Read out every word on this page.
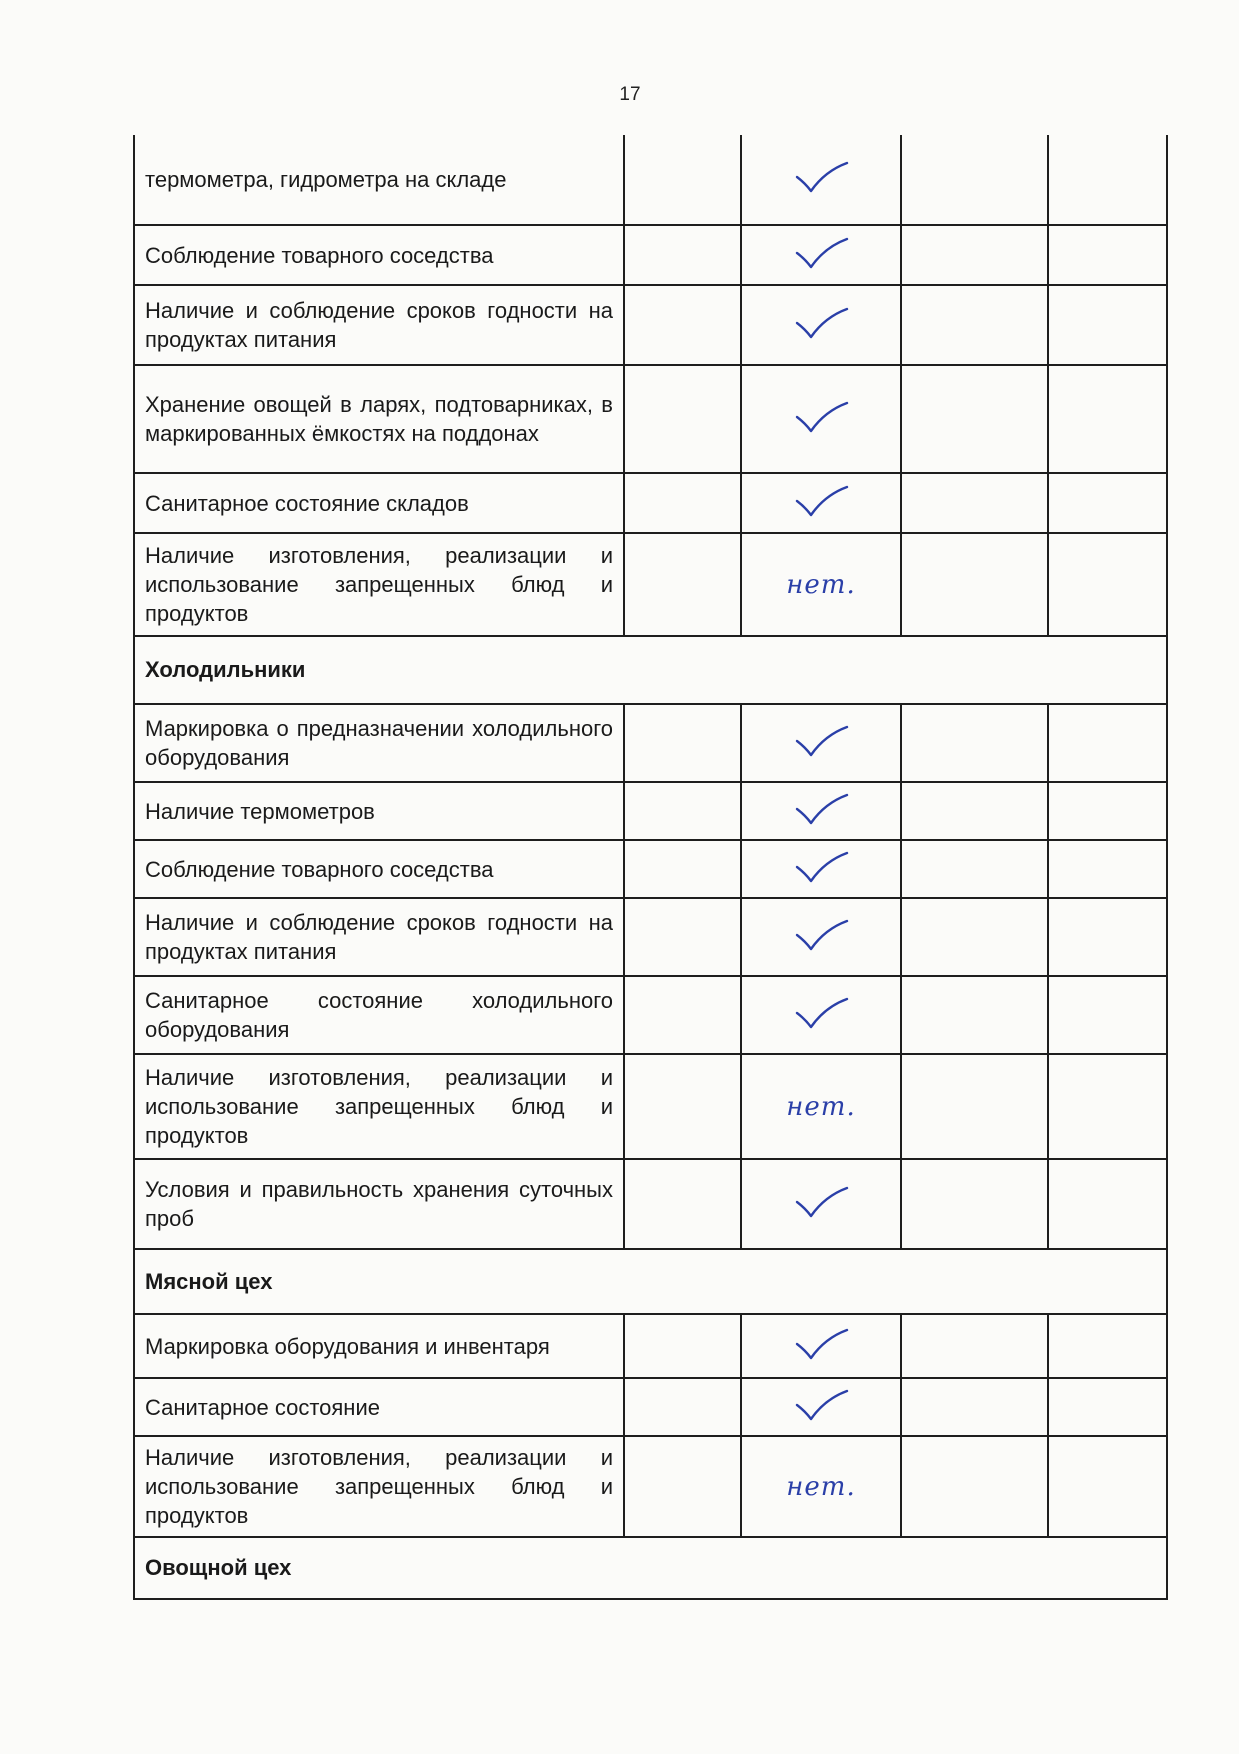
17
термометра, гидрометра на складе				
Соблюдение товарного соседства				
Наличие и соблюдение сроков годности на продуктах питания				
Хранение овощей в ларях, подтоварниках, в маркированных ёмкостях на поддонах				
Санитарное состояние складов				
Наличие изготовления, реализации и использование запрещенных блюд и продуктов		нет.		
Холодильники				
Маркировка о предназначении холодильного оборудования				
Наличие термометров				
Соблюдение товарного соседства				
Наличие и соблюдение сроков годности на продуктах питания				
Санитарное состояние холодильного оборудования				
Наличие изготовления, реализации и использование запрещенных блюд и продуктов		нет.		
Условия и правильность хранения суточных проб				
Мясной цех				
Маркировка оборудования и инвентаря				
Санитарное состояние				
Наличие изготовления, реализации и использование запрещенных блюд и продуктов		нет.		
Овощной цех				
